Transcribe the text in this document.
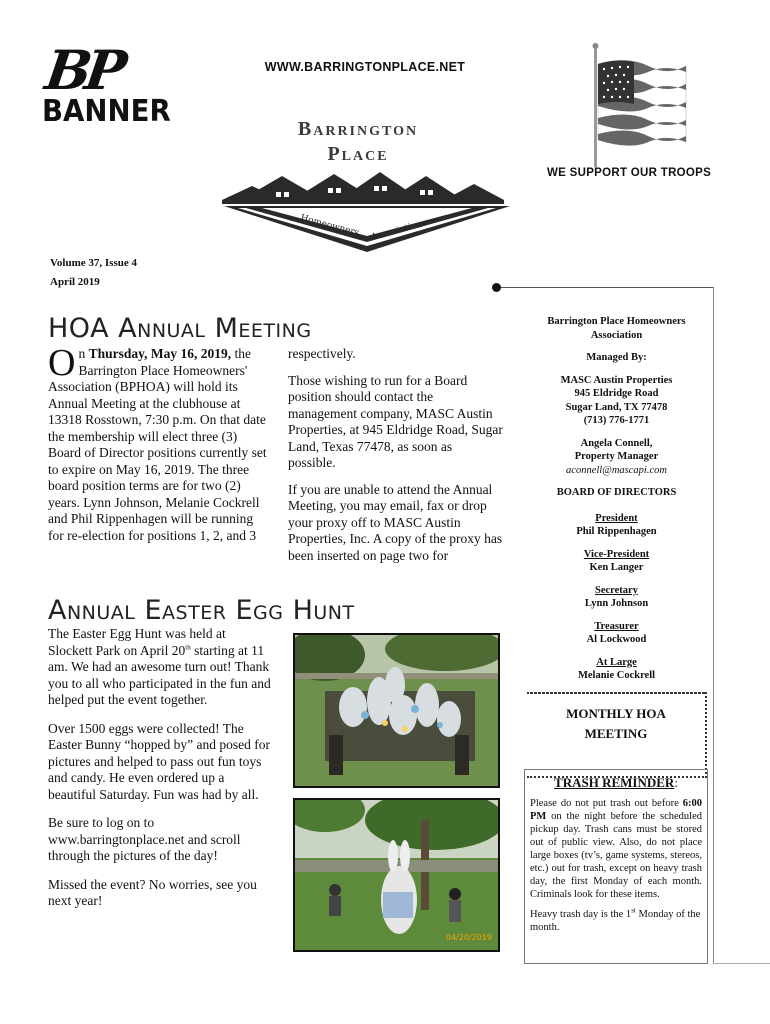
BP
BANNER
WWW.BARRINGTONPLACE.NET
Barrington
Place
Homeowners Association
WE SUPPORT OUR TROOPS
Volume 37, Issue 4
April 2019
HOA Annual Meeting

On Thursday, May 16, 2019, the Barrington Place Homeowners' Association (BPHOA) will hold its Annual Meeting at the clubhouse at 13318 Rosstown, 7:30 p.m. On that date the membership will elect three (3) Board of Director positions currently set to expire on May 16, 2019. The three board position terms are for two (2) years. Lynn Johnson, Melanie Cockrell and Phil Rippenhagen will be running for re-election for positions 1, 2, and 3

respectively.

Those wishing to run for a Board position should contact the management company, MASC Austin Properties, at 945 Eldridge Road, Sugar Land, Texas 77478, as soon as possible.

If you are unable to attend the Annual Meeting, you may email, fax or drop your proxy off to MASC Austin Properties, Inc. A copy of the proxy has been inserted on page two for

Annual Easter Egg Hunt

The Easter Egg Hunt was held at Slockett Park on April 20th starting at 11 am. We had an awesome turn out! Thank you to all who participated in the fun and helped put the event together.

Over 1500 eggs were collected! The Easter Bunny “hopped by” and posed for pictures and helped to pass out fun toys and candy. He even ordered up a beautiful Saturday. Fun was had by all.

Be sure to log on to www.barringtonplace.net and scroll through the pictures of the day!

Missed the event? No worries, see you next year!

04/20/2019
Barrington Place Homeowners Association
Managed By:
MASC Austin Properties
945 Eldridge Road
Sugar Land, TX 77478
(713) 776-1771
Angela Connell,
Property Manager
aconnell@mascapi.com
BOARD OF DIRECTORS
President
Phil Rippenhagen
Vice-President
Ken Langer
Secretary
Lynn Johnson
Treasurer
Al Lockwood
At Large
Melanie Cockrell
MONTHLY HOA
MEETING
TRASH REMINDER:

Please do not put trash out before 6:00 PM on the night before the scheduled pickup day. Trash cans must be stored out of public view. Also, do not place large boxes (tv’s, game systems, stereos, etc.) out for trash, except on heavy trash day, the first Monday of each month. Criminals look for these items.

Heavy trash day is the 1st Monday of the month.
